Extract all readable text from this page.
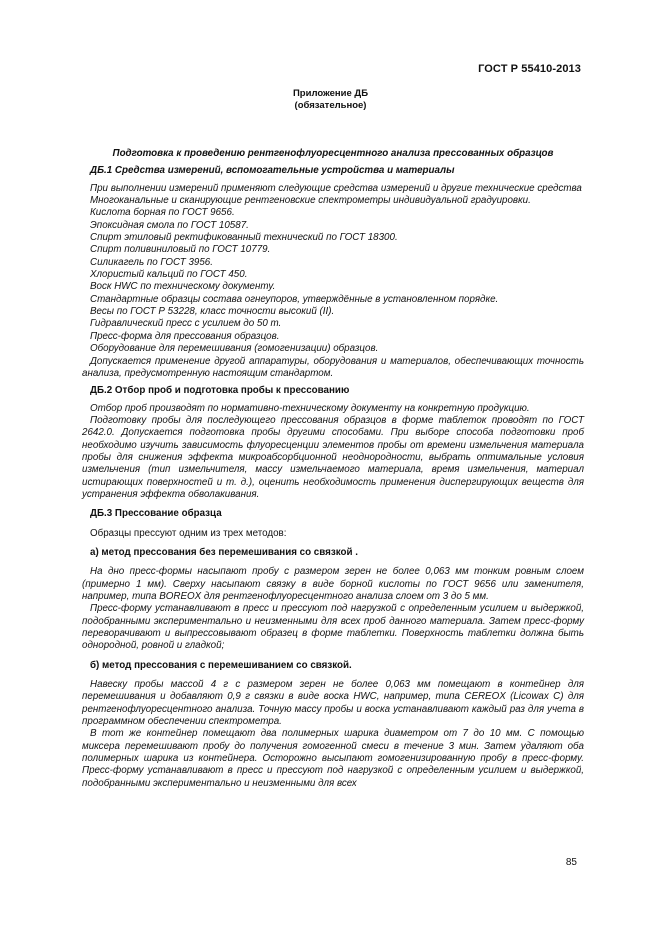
ГОСТ Р 55410-2013
Приложение ДБ
(обязательное)

Подготовка к проведению рентгенофлуоресцентного анализа прессованных образцов

ДБ.1 Средства измерений, вспомогательные устройства и материалы

При выполнении измерений применяют следующие средства измерений и другие технические средства

Многоканальные и сканирующие рентгеновские спектрометры индивидуальной градуировки.

Кислота борная по ГОСТ 9656.

Эпоксидная смола по ГОСТ 10587.

Спирт этиловый ректификованный технический по ГОСТ 18300.

Спирт поливиниловый по ГОСТ 10779.

Силикагель по ГОСТ 3956.

Хлористый кальций по ГОСТ 450.

Воск HWC по техническому документу.

Стандартные образцы состава огнеупоров, утверждённые в установленном порядке.

Весы по ГОСТ Р 53228, класс точности высокий (II).

Гидравлический пресс с усилием до 50 т.

Пресс-форма для прессования образцов.

Оборудование для перемешивания (гомогенизации) образцов.

Допускается применение другой аппаратуры, оборудования и материалов, обеспечивающих точность анализа, предусмотренную настоящим стандартом.

ДБ.2 Отбор проб и подготовка пробы к прессованию

Отбор проб производят по нормативно-техническому документу на конкретную продукцию.

Подготовку пробы для последующего прессования образцов в форме таблеток проводят по ГОСТ 2642.0. Допускается подготовка пробы другими способами. При выборе способа подготовки проб необходимо изучить зависимость флуоресценции элементов пробы от времени измельчения материала пробы для снижения эффекта микроабсорбционной неоднородности, выбрать оптимальные условия измельчения (тип измельчителя, массу измельчаемого материала, время измельчения, материал истирающих поверхностей и т. д.), оценить необходимость применения диспергирующих веществ для устранения эффекта обволакивания.

ДБ.3 Прессование образца

Образцы прессуют одним из трех методов:

а) метод прессования без перемешивания со связкой .

На дно пресс-формы насыпают пробу с размером зерен не более 0,063 мм тонким ровным слоем (примерно 1 мм). Сверху насыпают связку в виде борной кислоты по ГОСТ 9656 или заменителя, например, типа BOREOX для рентгенофлуоресцентного анализа слоем от 3 до 5 мм.

Пресс-форму устанавливают в пресс и прессуют под нагрузкой с определенным усилием и выдержкой, подобранными экспериментально и неизменными для всех проб данного материала. Затем пресс-форму переворачивают и выпрессовывают образец в форме таблетки. Поверхность таблетки должна быть однородной, ровной и гладкой;

б) метод прессования с перемешиванием со связкой.

Навеску пробы массой 4 г с размером зерен не более 0,063 мм помещают в контейнер для перемешивания и добавляют 0,9 г связки в виде воска HWC, например, типа CEREOX (Licowax C) для рентгенофлуоресцентного анализа. Точную массу пробы и воска устанавливают каждый раз для учета в программном обеспечении спектрометра.

В тот же контейнер помещают два полимерных шарика диаметром от 7 до 10 мм. С помощью миксера перемешивают пробу до получения гомогенной смеси в течение 3 мин. Затем удаляют оба полимерных шарика из контейнера. Осторожно высыпают гомогенизированную пробу в пресс-форму. Пресс-форму устанавливают в пресс и прессуют под нагрузкой с определенным усилием и выдержкой, подобранными экспериментально и неизменными для всех

85
